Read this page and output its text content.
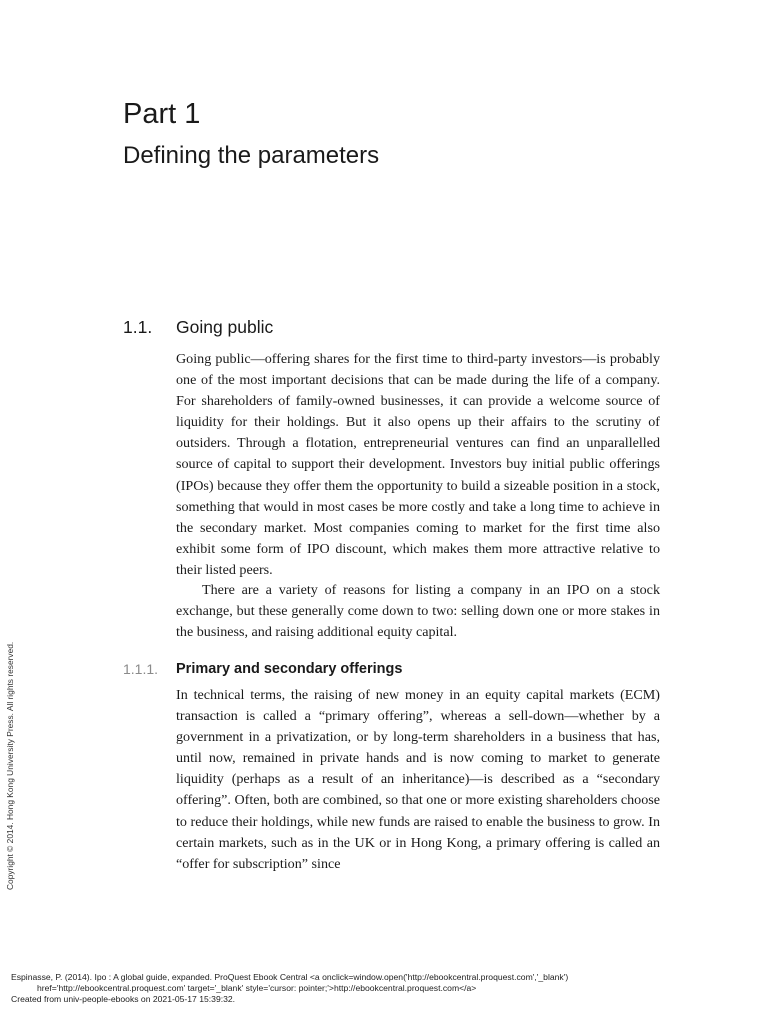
Part 1
Defining the parameters
1.1. Going public

Going public—offering shares for the first time to third-party investors—is probably one of the most important decisions that can be made during the life of a company. For shareholders of family-owned businesses, it can provide a welcome source of liquidity for their holdings. But it also opens up their affairs to the scrutiny of outsiders. Through a flotation, entrepreneurial ventures can find an unparallelled source of capital to support their development. Investors buy initial public offerings (IPOs) because they offer them the opportunity to build a sizeable position in a stock, something that would in most cases be more costly and take a long time to achieve in the secondary market. Most companies coming to market for the first time also exhibit some form of IPO discount, which makes them more attractive relative to their listed peers.

There are a variety of reasons for listing a company in an IPO on a stock exchange, but these generally come down to two: selling down one or more stakes in the business, and raising additional equity capital.

1.1.1. Primary and secondary offerings

In technical terms, the raising of new money in an equity capital markets (ECM) transaction is called a “primary offering”, whereas a sell-down—whether by a government in a privatization, or by long-term shareholders in a business that has, until now, remained in private hands and is now coming to market to generate liquidity (perhaps as a result of an inheritance)—is described as a “secondary offering”. Often, both are combined, so that one or more existing shareholders choose to reduce their holdings, while new funds are raised to enable the business to grow. In certain markets, such as in the UK or in Hong Kong, a primary offering is called an “offer for subscription” since

Copyright © 2014. Hong Kong University Press. All rights reserved.
Espinasse, P. (2014). Ipo : A global guide, expanded. ProQuest Ebook Central <a onclick=window.open('http://ebookcentral.proquest.com','_blank')
href='http://ebookcentral.proquest.com' target='_blank' style='cursor: pointer;'>http://ebookcentral.proquest.com</a>
Created from univ-people-ebooks on 2021-05-17 15:39:32.
